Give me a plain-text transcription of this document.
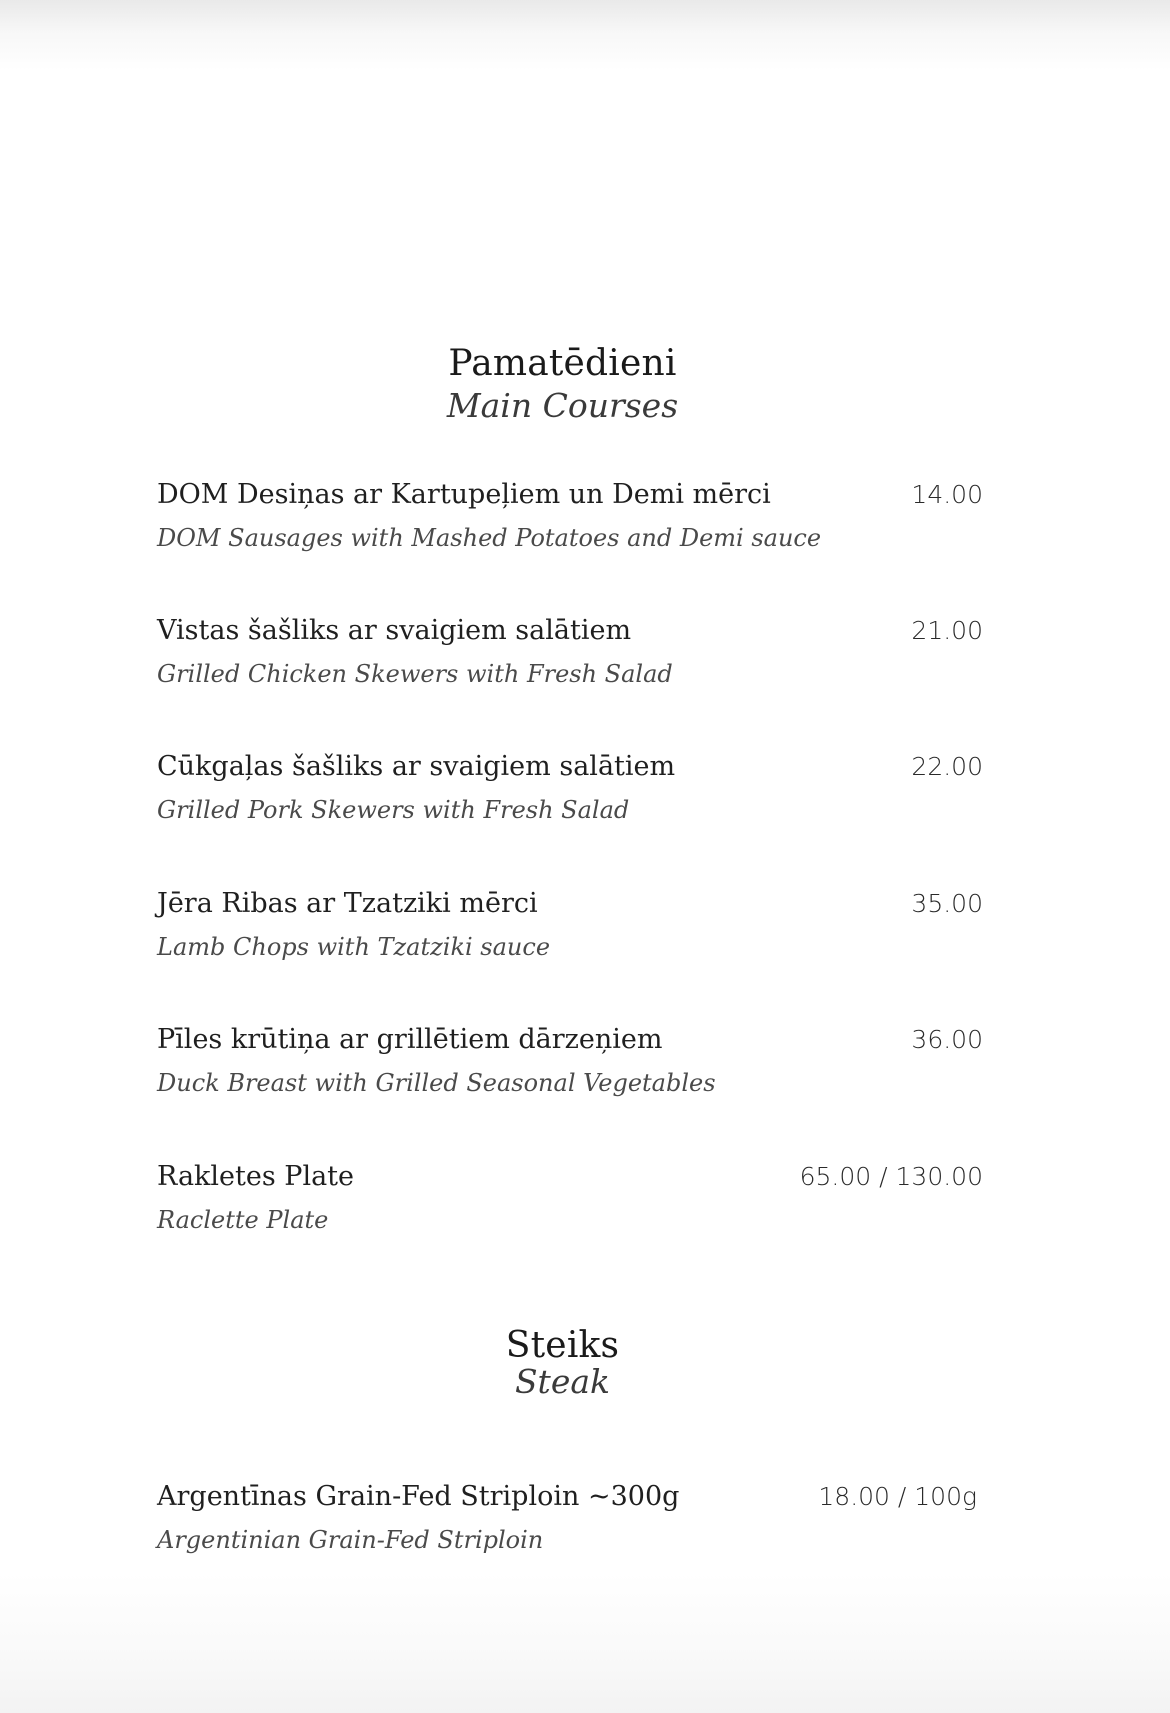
Pamatēdieni
Main Courses
DOM Desiņas ar Kartupeļiem un Demi mērci	14.00
DOM Sausages with Mashed Potatoes and Demi sauce
Vistas šašliks ar svaigiem salātiem	21.00
Grilled Chicken Skewers with Fresh Salad
Cūkgaļas šašliks ar svaigiem salātiem	22.00
Grilled Pork Skewers with Fresh Salad
Jēra Ribas ar Tzatziki mērci	35.00
Lamb Chops with Tzatziki sauce
Pīles krūtiņa ar grillētiem dārzeņiem	36.00
Duck Breast with Grilled Seasonal Vegetables
Rakletes Plate	65.00 / 130.00
Raclette Plate
Steiks
Steak
Argentīnas Grain-Fed Striploin ~300g	18.00 / 100g
Argentinian Grain-Fed Striploin
